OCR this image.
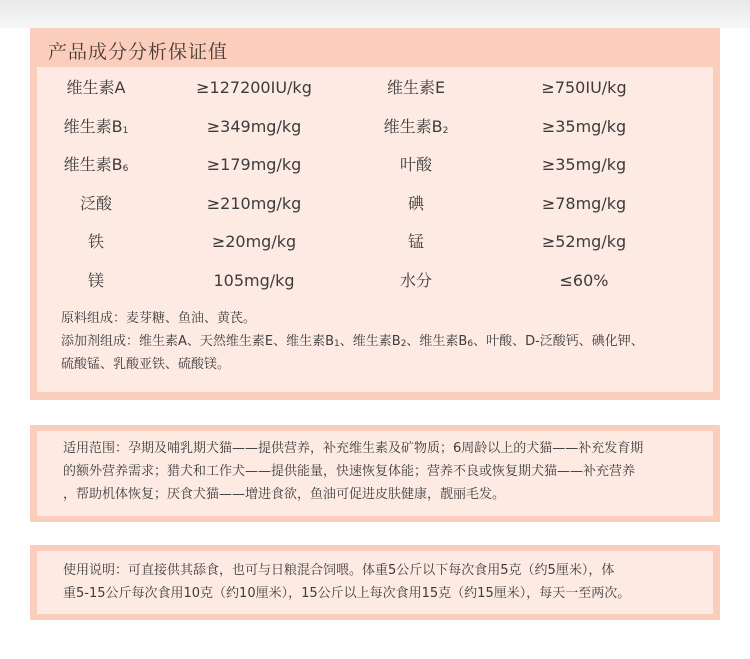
产品成分分析保证值
维生素A	≥127200IU/kg	维生素E	≥750IU/kg
维生素$B_1$	≥349mg/kg	维生素$B_2$	≥35mg/kg
维生素$B_6$	≥179mg/kg	叶酸	≥35mg/kg
泛酸	≥210mg/kg	碘	≥78mg/kg
铁	≥20mg/kg	锰	≥52mg/kg
镁	105mg/kg	水分	≤60%
原料组成：麦芽糖、鱼油、黄芪。
添加剂组成：维生素A、天然维生素E、维生素$B_1$、维生素$B_2$、维生素$B_6$、叶酸、D-泛酸钙、碘化钾、
硫酸锰、乳酸亚铁、硫酸镁。
适用范围：孕期及哺乳期犬猫——提供营养，补充维生素及矿物质；6周龄以上的犬猫——补充发育期
的额外营养需求；猎犬和工作犬——提供能量，快速恢复体能；营养不良或恢复期犬猫——补充营养
，帮助机体恢复；厌食犬猫——增进食欲，鱼油可促进皮肤健康，靓丽毛发。
使用说明：可直接供其舔食，也可与日粮混合饲喂。体重5公斤以下每次食用5克（约5厘米），体
重5-15公斤每次食用10克（约10厘米），15公斤以上每次食用15克（约15厘米），每天一至两次。
